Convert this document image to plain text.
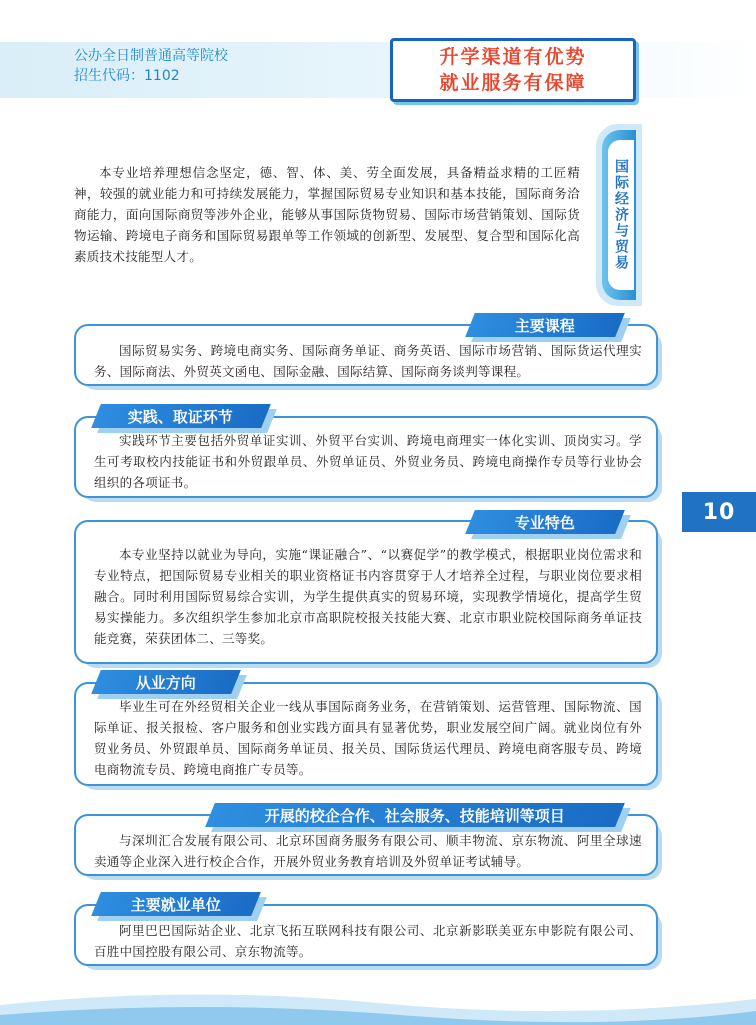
公办全日制普通高等院校
招生代码：1102
升学渠道有优势
就业服务有保障
本专业培养理想信念坚定，德、智、体、美、劳全面发展，具备精益求精的工匠精神，较强的就业能力和可持续发展能力，掌握国际贸易专业知识和基本技能，国际商务洽商能力，面向国际商贸等涉外企业，能够从事国际货物贸易、国际市场营销策划、国际货物运输、跨境电子商务和国际贸易跟单等工作领域的创新型、发展型、复合型和国际化高素质技术技能型人才。	国际经济与贸易
10

国际贸易实务、跨境电商实务、国际商务单证、商务英语、国际市场营销、国际货运代理实务、国际商法、外贸英文函电、国际金融、国际结算、国际商务谈判等课程。

主要课程

实践环节主要包括外贸单证实训、外贸平台实训、跨境电商理实一体化实训、顶岗实习。学生可考取校内技能证书和外贸跟单员、外贸单证员、外贸业务员、跨境电商操作专员等行业协会组织的各项证书。

实践、取证环节

本专业坚持以就业为导向，实施“课证融合”、“以赛促学”的教学模式，根据职业岗位需求和专业特点，把国际贸易专业相关的职业资格证书内容贯穿于人才培养全过程，与职业岗位要求相融合。同时利用国际贸易综合实训，为学生提供真实的贸易环境，实现教学情境化，提高学生贸易实操能力。多次组织学生参加北京市高职院校报关技能大赛、北京市职业院校国际商务单证技能竞赛，荣获团体二、三等奖。

专业特色

毕业生可在外经贸相关企业一线从事国际商务业务，在营销策划、运营管理、国际物流、国际单证、报关报检、客户服务和创业实践方面具有显著优势，职业发展空间广阔。就业岗位有外贸业务员、外贸跟单员、国际商务单证员、报关员、国际货运代理员、跨境电商客服专员、跨境电商物流专员、跨境电商推广专员等。

从业方向

与深圳汇合发展有限公司、北京环国商务服务有限公司、顺丰物流、京东物流、阿里全球速卖通等企业深入进行校企合作，开展外贸业务教育培训及外贸单证考试辅导。

开展的校企合作、社会服务、技能培训等项目

阿里巴巴国际站企业、北京飞拓互联网科技有限公司、北京新影联美亚东申影院有限公司、百胜中国控股有限公司、京东物流等。

主要就业单位
